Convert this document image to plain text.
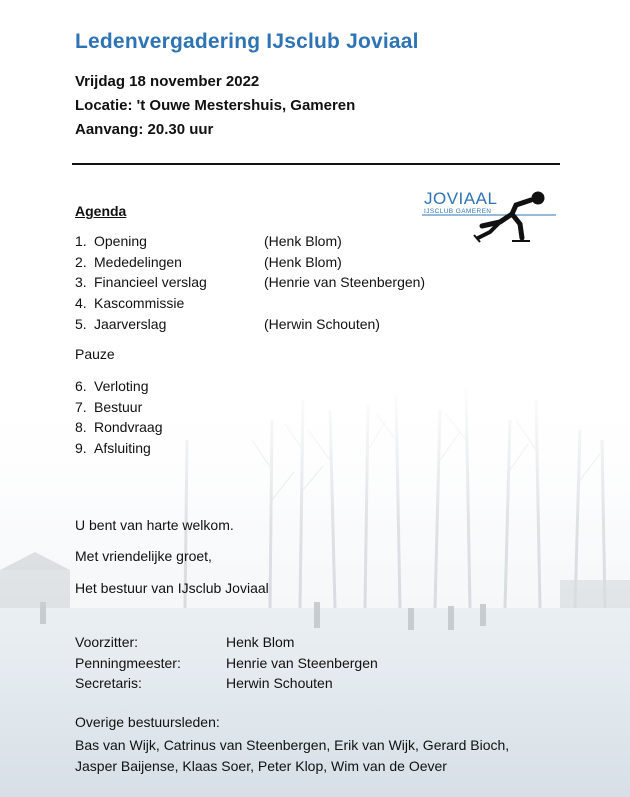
Ledenvergadering IJsclub Joviaal
Vrijdag 18 november 2022
Locatie: 't Ouwe Mestershuis, Gameren
Aanvang: 20.30 uur
JOVIAAL
IJSCLUB GAMEREN
Agenda
1. Opening	(Henk Blom)
2. Mededelingen	(Henk Blom)
3. Financieel verslag	(Henrie van Steenbergen)
4. Kascommissie
5. Jaarverslag	(Herwin Schouten)
Pauze
6. Verloting
7. Bestuur
8. Rondvraag
9. Afsluiting
U bent van harte welkom.
Met vriendelijke groet,
Het bestuur van IJsclub Joviaal
Voorzitter:	Henk Blom
Penningmeester:	Henrie van Steenbergen
Secretaris:	Herwin Schouten
Overige bestuursleden:
Bas van Wijk, Catrinus van Steenbergen, Erik van Wijk, Gerard Bioch, Jasper Baijense, Klaas Soer, Peter Klop, Wim van de Oever
